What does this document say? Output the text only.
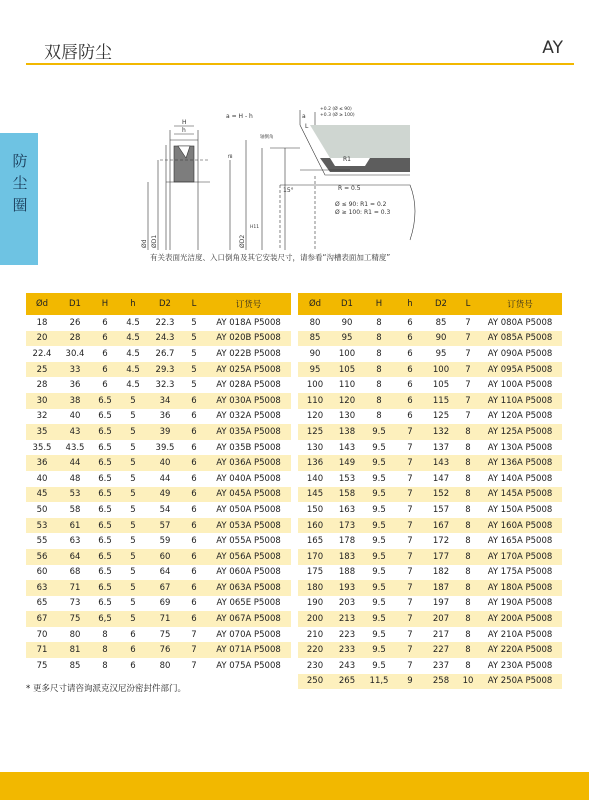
双唇防尘	AY
防
尘
圈
a = H - h
H
h
a
L
+0.2 (Ø ≤ 90)
+0.3 (Ø ≥ 100)
轴倒角
R1
R = 0.5
15°
Ø ≤ 90: R1 = 0.2
Ø ≥ 100: R1 = 0.3
Ød ØD1	ØD2
f8
H11
有关表面光洁度、入口倒角及其它安装尺寸，请参看“沟槽表面加工精度”
Ød	D1	H	h	D2	L	订货号
18	26	6	4.5	22.3	5	AY 018A P5008
20	28	6	4.5	24.3	5	AY 020B P5008
22.4	30.4	6	4.5	26.7	5	AY 022B P5008
25	33	6	4.5	29.3	5	AY 025A P5008
28	36	6	4.5	32.3	5	AY 028A P5008
30	38	6.5	5	34	6	AY 030A P5008
32	40	6.5	5	36	6	AY 032A P5008
35	43	6.5	5	39	6	AY 035A P5008
35.5	43.5	6.5	5	39.5	6	AY 035B P5008
36	44	6.5	5	40	6	AY 036A P5008
40	48	6.5	5	44	6	AY 040A P5008
45	53	6.5	5	49	6	AY 045A P5008
50	58	6.5	5	54	6	AY 050A P5008
53	61	6.5	5	57	6	AY 053A P5008
55	63	6.5	5	59	6	AY 055A P5008
56	64	6.5	5	60	6	AY 056A P5008
60	68	6.5	5	64	6	AY 060A P5008
63	71	6.5	5	67	6	AY 063A P5008
65	73	6.5	5	69	6	AY 065E P5008
67	75	6,5	5	71	6	AY 067A P5008
70	80	8	6	75	7	AY 070A P5008
71	81	8	6	76	7	AY 071A P5008
75	85	8	6	80	7	AY 075A P5008
Ød	D1	H	h	D2	L	订货号
80	90	8	6	85	7	AY 080A P5008
85	95	8	6	90	7	AY 085A P5008
90	100	8	6	95	7	AY 090A P5008
95	105	8	6	100	7	AY 095A P5008
100	110	8	6	105	7	AY 100A P5008
110	120	8	6	115	7	AY 110A P5008
120	130	8	6	125	7	AY 120A P5008
125	138	9.5	7	132	8	AY 125A P5008
130	143	9.5	7	137	8	AY 130A P5008
136	149	9.5	7	143	8	AY 136A P5008
140	153	9.5	7	147	8	AY 140A P5008
145	158	9.5	7	152	8	AY 145A P5008
150	163	9.5	7	157	8	AY 150A P5008
160	173	9.5	7	167	8	AY 160A P5008
165	178	9.5	7	172	8	AY 165A P5008
170	183	9.5	7	177	8	AY 170A P5008
175	188	9.5	7	182	8	AY 175A P5008
180	193	9.5	7	187	8	AY 180A P5008
190	203	9.5	7	197	8	AY 190A P5008
200	213	9.5	7	207	8	AY 200A P5008
210	223	9.5	7	217	8	AY 210A P5008
220	233	9.5	7	227	8	AY 220A P5008
230	243	9.5	7	237	8	AY 230A P5008
250	265	11,5	9	258	10	AY 250A P5008
* 更多尺寸请咨询派克汉尼汾密封件部门。
